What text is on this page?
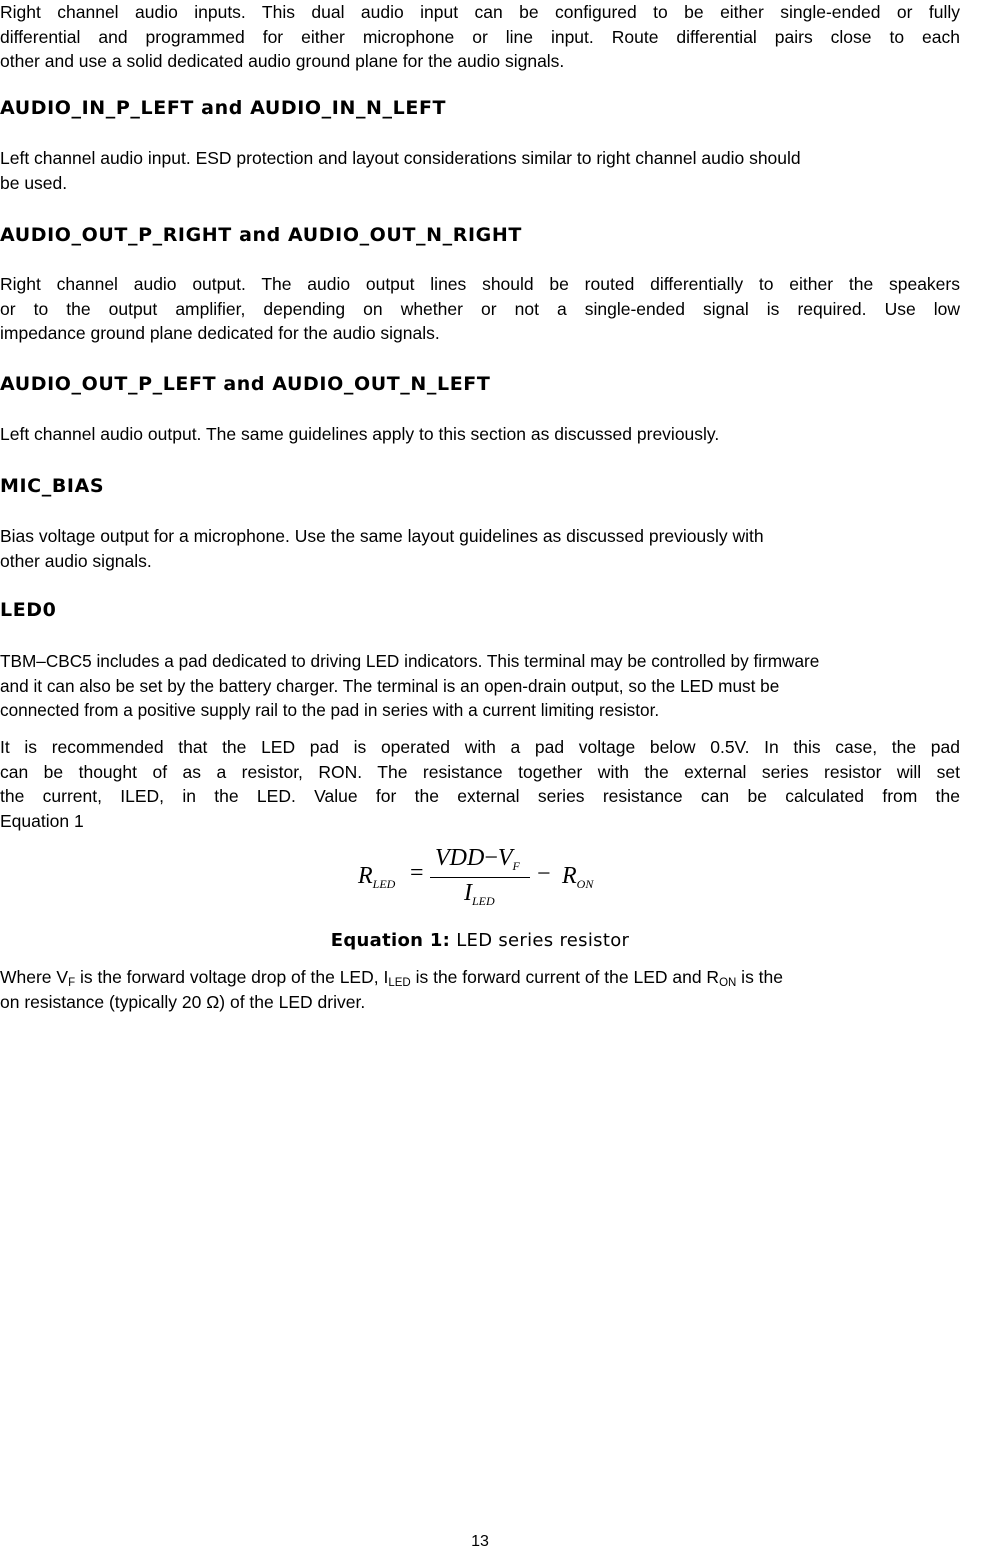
Right channel audio inputs. This dual audio input can be configured to be either single-ended or fully
differential and programmed for either microphone or line input. Route differential pairs close to each
other and use a solid dedicated audio ground plane for the audio signals.
AUDIO_IN_P_LEFT and AUDIO_IN_N_LEFT
Left channel audio input. ESD protection and layout considerations similar to right channel audio should
be used.
AUDIO_OUT_P_RIGHT and AUDIO_OUT_N_RIGHT
Right channel audio output. The audio output lines should be routed differentially to either the speakers
or to the output amplifier, depending on whether or not a single-ended signal is required. Use low
impedance ground plane dedicated for the audio signals.
AUDIO_OUT_P_LEFT and AUDIO_OUT_N_LEFT
Left channel audio output. The same guidelines apply to this section as discussed previously.
MIC_BIAS
Bias voltage output for a microphone. Use the same layout guidelines as discussed previously with
other audio signals.
LED0
TBM–CBC5 includes a pad dedicated to driving LED indicators. This terminal may be controlled by firmware
and it can also be set by the battery charger. The terminal is an open-drain output, so the LED must be
connected from a positive supply rail to the pad in series with a current limiting resistor.
It is recommended that the LED pad is operated with a pad voltage below 0.5V. In this case, the pad
can be thought of as a resistor, RON. The resistance together with the external series resistor will set
the current, ILED, in the LED. Value for the external series resistance can be calculated from the
Equation 1
$R_{LED}$ =
$VDD-V_F$
$I_{LED}$
− $R_{ON}$
Equation 1: LED series resistor
Where $V_F$ is the forward voltage drop of the LED, $I_{LED}$ is the forward current of the LED and $R_{ON}$ is the
on resistance (typically 20 Ω) of the LED driver.
13
